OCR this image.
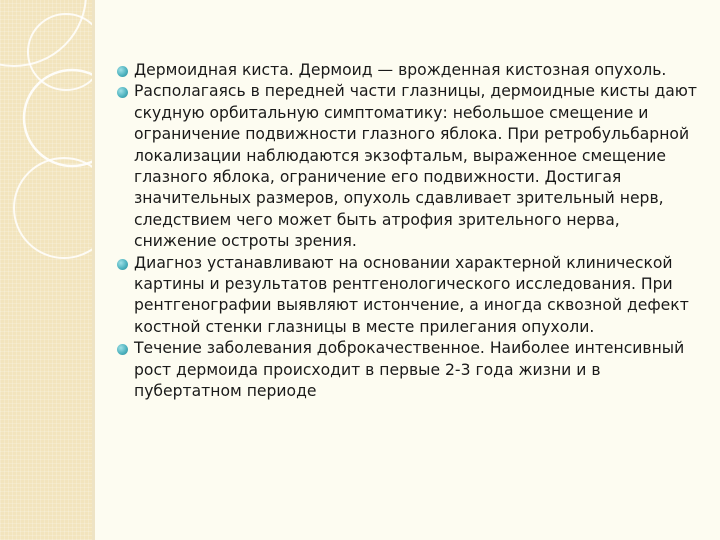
Дермоидная киста. Дермоид — врожденная кистозная опухоль.
Располагаясь в передней части глазницы, дермоидные кисты дают скудную орбитальную симптоматику: небольшое смещение и ограничение подвижности глазного яблока. При ретробульбарной локализации наблюдаются экзофтальм, выраженное смещение глазного яблока, ограничение его подвижности. Достигая значительных размеров, опухоль сдавливает зрительный нерв, следствием чего может быть атрофия зрительного нерва, снижение остроты зрения.
Диагноз устанавливают на основании характерной клинической картины и результатов рентгенологического исследования. При рентгенографии выявляют истончение, а иногда сквозной дефект костной стенки глазницы в месте прилегания опухоли.
Течение заболевания доброкачественное. Наиболее интенсивный рост дермоида происходит в первые 2-3 года жизни и в пубертатном периоде
